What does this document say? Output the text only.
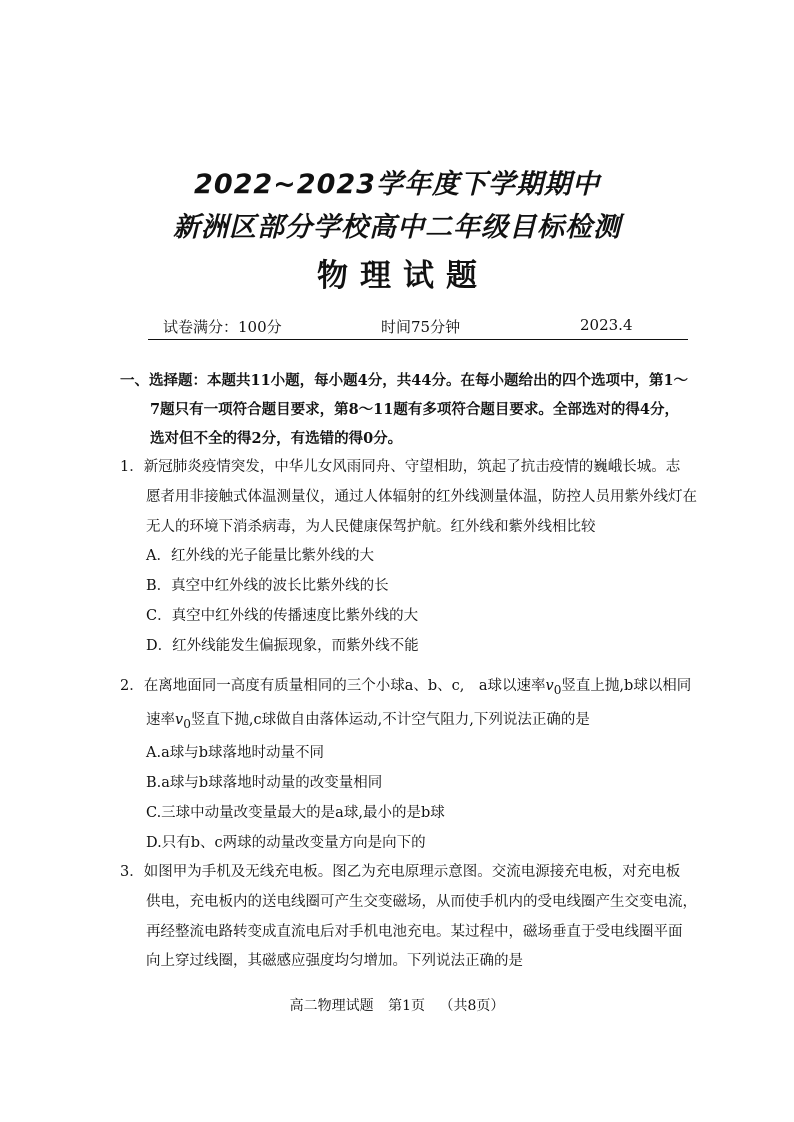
2022~2023学年度下学期期中
新洲区部分学校高中二年级目标检测
物理试题
试卷满分：100分	时间75分钟	2023.4
一、选择题：本题共11小题，每小题4分，共44分。在每小题给出的四个选项中，第1～
7题只有一项符合题目要求，第8～11题有多项符合题目要求。全部选对的得4分，
选对但不全的得2分，有选错的得0分。
1．新冠肺炎疫情突发，中华儿女风雨同舟、守望相助，筑起了抗击疫情的巍峨长城。志
愿者用非接触式体温测量仪，通过人体辐射的红外线测量体温，防控人员用紫外线灯在
无人的环境下消杀病毒，为人民健康保驾护航。红外线和紫外线相比较
A．红外线的光子能量比紫外线的大
B．真空中红外线的波长比紫外线的长
C．真空中红外线的传播速度比紫外线的大
D．红外线能发生偏振现象，而紫外线不能
2．在离地面同一高度有质量相同的三个小球a、b、c,　a球以速率$v_0$竖直上抛,b球以相同
速率$v_0$竖直下抛,c球做自由落体运动,不计空气阻力,下列说法正确的是
A.a球与b球落地时动量不同
B.a球与b球落地时动量的改变量相同
C.三球中动量改变量最大的是a球,最小的是b球
D.只有b、c两球的动量改变量方向是向下的
3．如图甲为手机及无线充电板。图乙为充电原理示意图。交流电源接充电板，对充电板
供电，充电板内的送电线圈可产生交变磁场，从而使手机内的受电线圈产生交变电流，
再经整流电路转变成直流电后对手机电池充电。某过程中，磁场垂直于受电线圈平面
向上穿过线圈，其磁感应强度均匀增加。下列说法正确的是
高二物理试题 第1页 （共8页）
